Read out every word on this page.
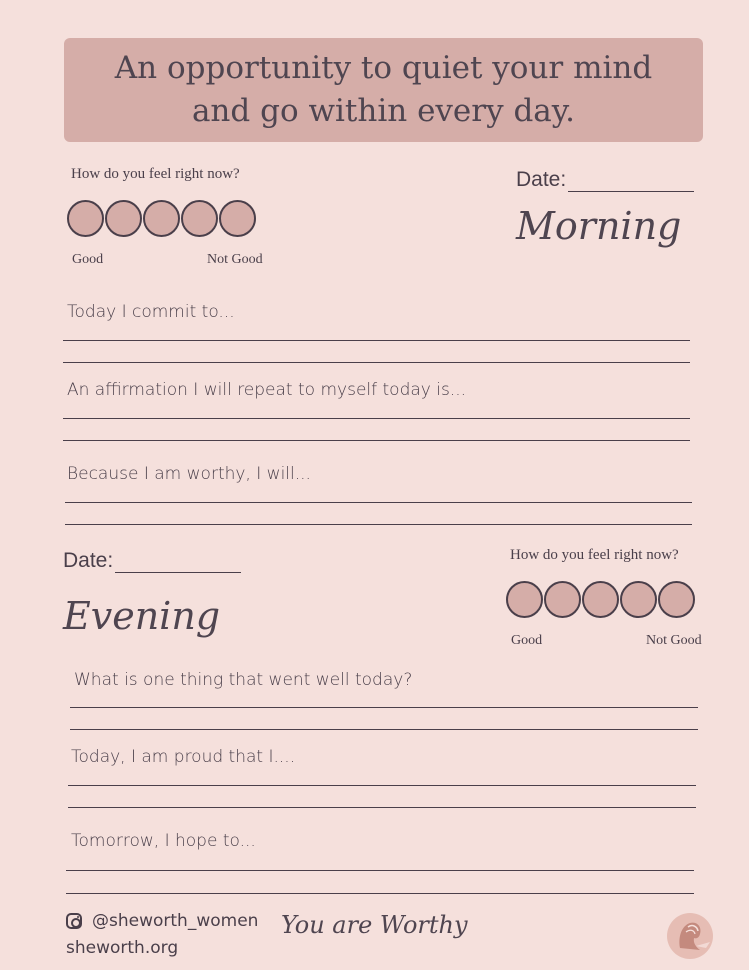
An opportunity to quiet your mind and go within every day.
How do you feel right now?
Good	Not Good
Date:
Morning
Today I commit to...
An affirmation I will repeat to myself today is...
Because I am worthy, I will...
Date:
Evening
How do you feel right now?
Good	Not Good
What is one thing that went well today?
Today, I am proud that I....
Tomorrow, I hope to...
@sheworth_women
sheworth.org
You are Worthy
